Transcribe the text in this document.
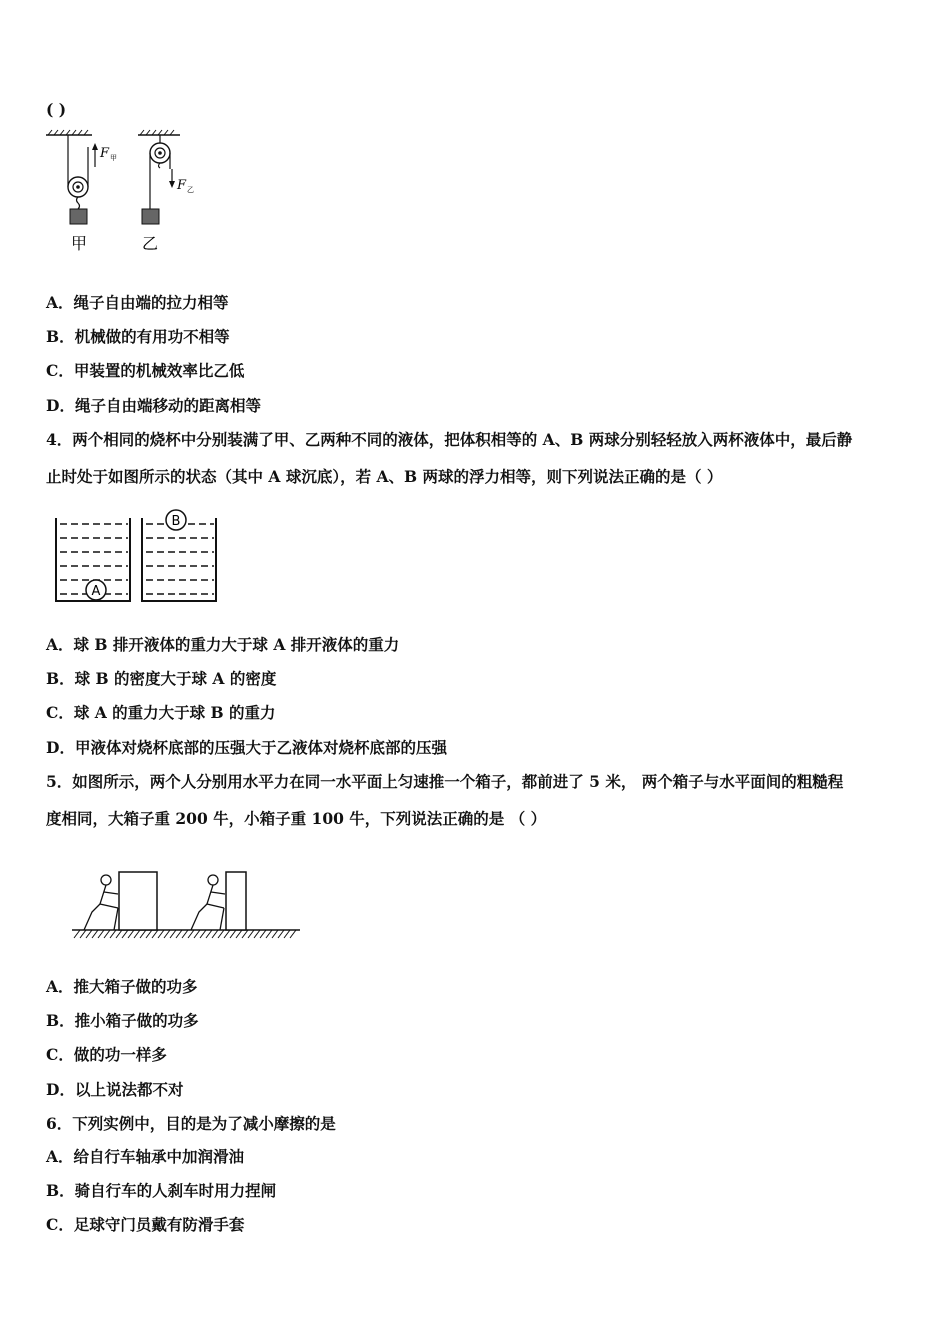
( )

F 甲
F 乙
甲	乙

A．绳子自由端的拉力相等

B．机械做的有用功不相等

C．甲装置的机械效率比乙低

D．绳子自由端移动的距离相等

4．两个相同的烧杯中分别装满了甲、乙两种不同的液体，把体积相等的 A、B 两球分别轻轻放入两杯液体中，最后静

止时处于如图所示的状态（其中 A 球沉底），若 A、B 两球的浮力相等，则下列说法正确的是（ ）

A
B

A．球 B 排开液体的重力大于球 A 排开液体的重力

B．球 B 的密度大于球 A 的密度

C．球 A 的重力大于球 B 的重力

D．甲液体对烧杯底部的压强大于乙液体对烧杯底部的压强

5．如图所示，两个人分别用水平力在同一水平面上匀速推一个箱子，都前进了 5 米， 两个箱子与水平面间的粗糙程

度相同，大箱子重 200 牛，小箱子重 100 牛，下列说法正确的是 （ ）

A．推大箱子做的功多

B．推小箱子做的功多

C．做的功一样多

D．以上说法都不对

6．下列实例中，目的是为了减小摩擦的是

A．给自行车轴承中加润滑油

B．骑自行车的人刹车时用力捏闸

C．足球守门员戴有防滑手套
